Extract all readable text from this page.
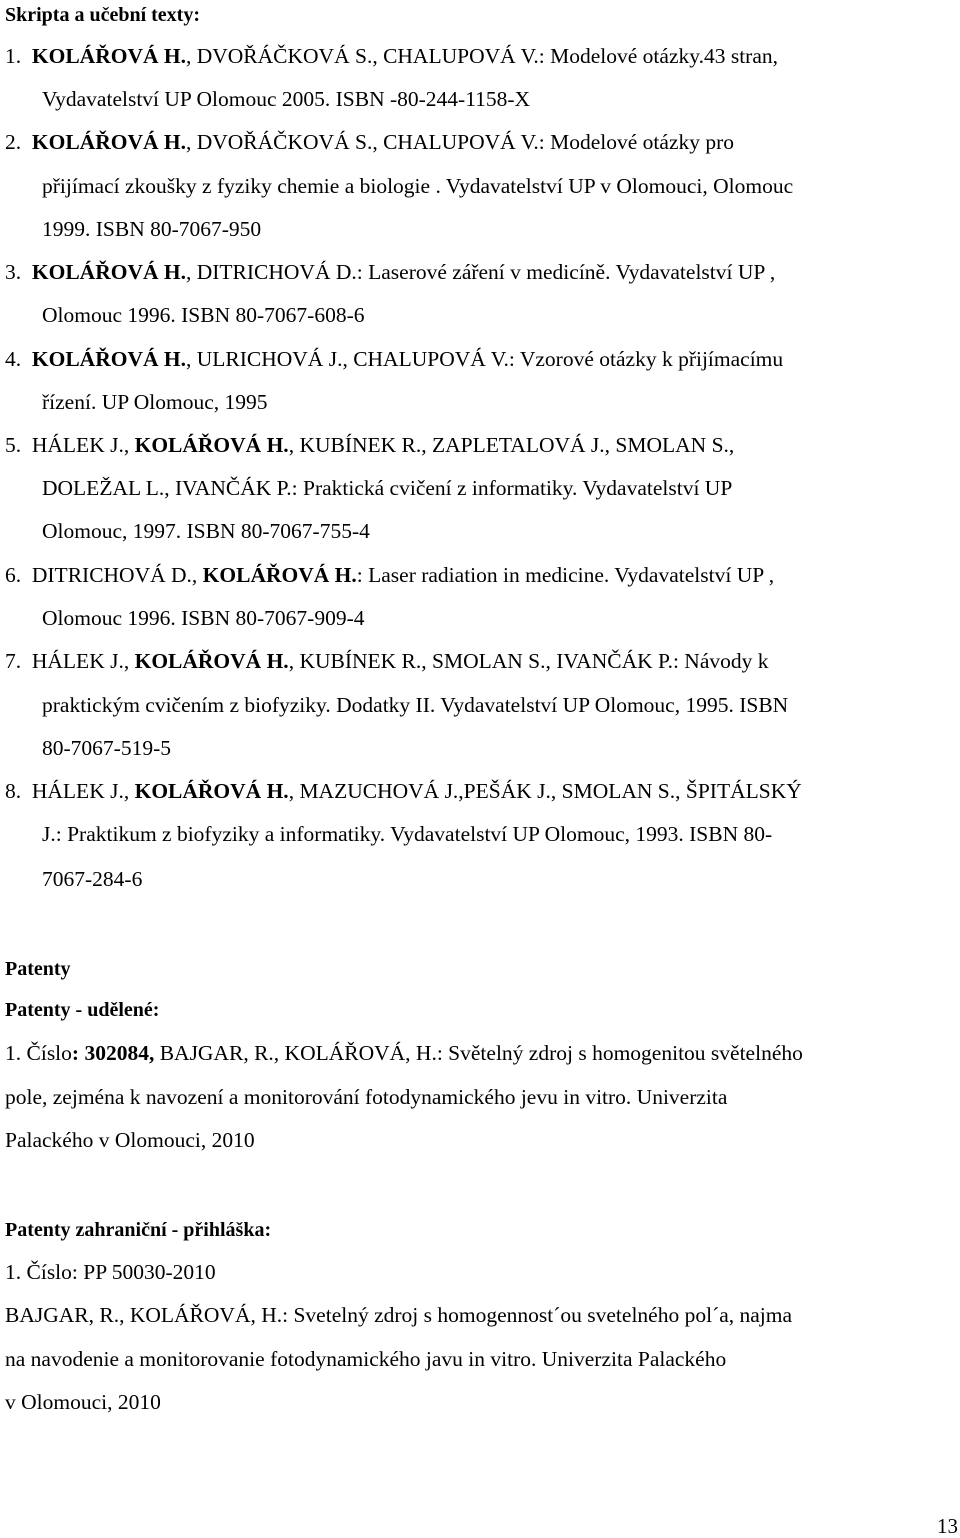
Skripta a učební texty:
1. KOLÁŘOVÁ H., DVOŘÁČKOVÁ S., CHALUPOVÁ V.: Modelové otázky.43 stran,
Vydavatelství UP Olomouc 2005. ISBN -80-244-1158-X
2. KOLÁŘOVÁ H., DVOŘÁČKOVÁ S., CHALUPOVÁ V.: Modelové otázky pro
přijímací zkoušky z fyziky chemie a biologie . Vydavatelství UP v Olomouci, Olomouc
1999. ISBN 80-7067-950
3. KOLÁŘOVÁ H., DITRICHOVÁ D.: Laserové záření v medicíně. Vydavatelství UP ,
Olomouc 1996. ISBN 80-7067-608-6
4. KOLÁŘOVÁ H., ULRICHOVÁ J., CHALUPOVÁ V.: Vzorové otázky k přijímacímu
řízení. UP Olomouc, 1995
5. HÁLEK J., KOLÁŘOVÁ H., KUBÍNEK R., ZAPLETALOVÁ J., SMOLAN S.,
DOLEŽAL L., IVANČÁK P.: Praktická cvičení z informatiky. Vydavatelství UP
Olomouc, 1997. ISBN 80-7067-755-4
6. DITRICHOVÁ D., KOLÁŘOVÁ H.: Laser radiation in medicine. Vydavatelství UP ,
Olomouc 1996. ISBN 80-7067-909-4
7. HÁLEK J., KOLÁŘOVÁ H., KUBÍNEK R., SMOLAN S., IVANČÁK P.: Návody k
praktickým cvičením z biofyziky. Dodatky II. Vydavatelství UP Olomouc, 1995. ISBN
80-7067-519-5
8. HÁLEK J., KOLÁŘOVÁ H., MAZUCHOVÁ J.,PEŠÁK J., SMOLAN S., ŠPITÁLSKÝ
J.: Praktikum z biofyziky a informatiky. Vydavatelství UP Olomouc, 1993. ISBN 80-
7067-284-6
Patenty
Patenty - udělené:
1. Číslo: 302084, BAJGAR, R., KOLÁŘOVÁ, H.: Světelný zdroj s homogenitou světelného
pole, zejména k navození a monitorování fotodynamického jevu in vitro. Univerzita
Palackého v Olomouci, 2010
Patenty zahraniční - přihláška:
1. Číslo: PP 50030-2010
BAJGAR, R., KOLÁŘOVÁ, H.: Svetelný zdroj s homogennost´ou svetelného pol´a, najma
na navodenie a monitorovanie fotodynamického javu in vitro. Univerzita Palackého
v Olomouci, 2010
13
